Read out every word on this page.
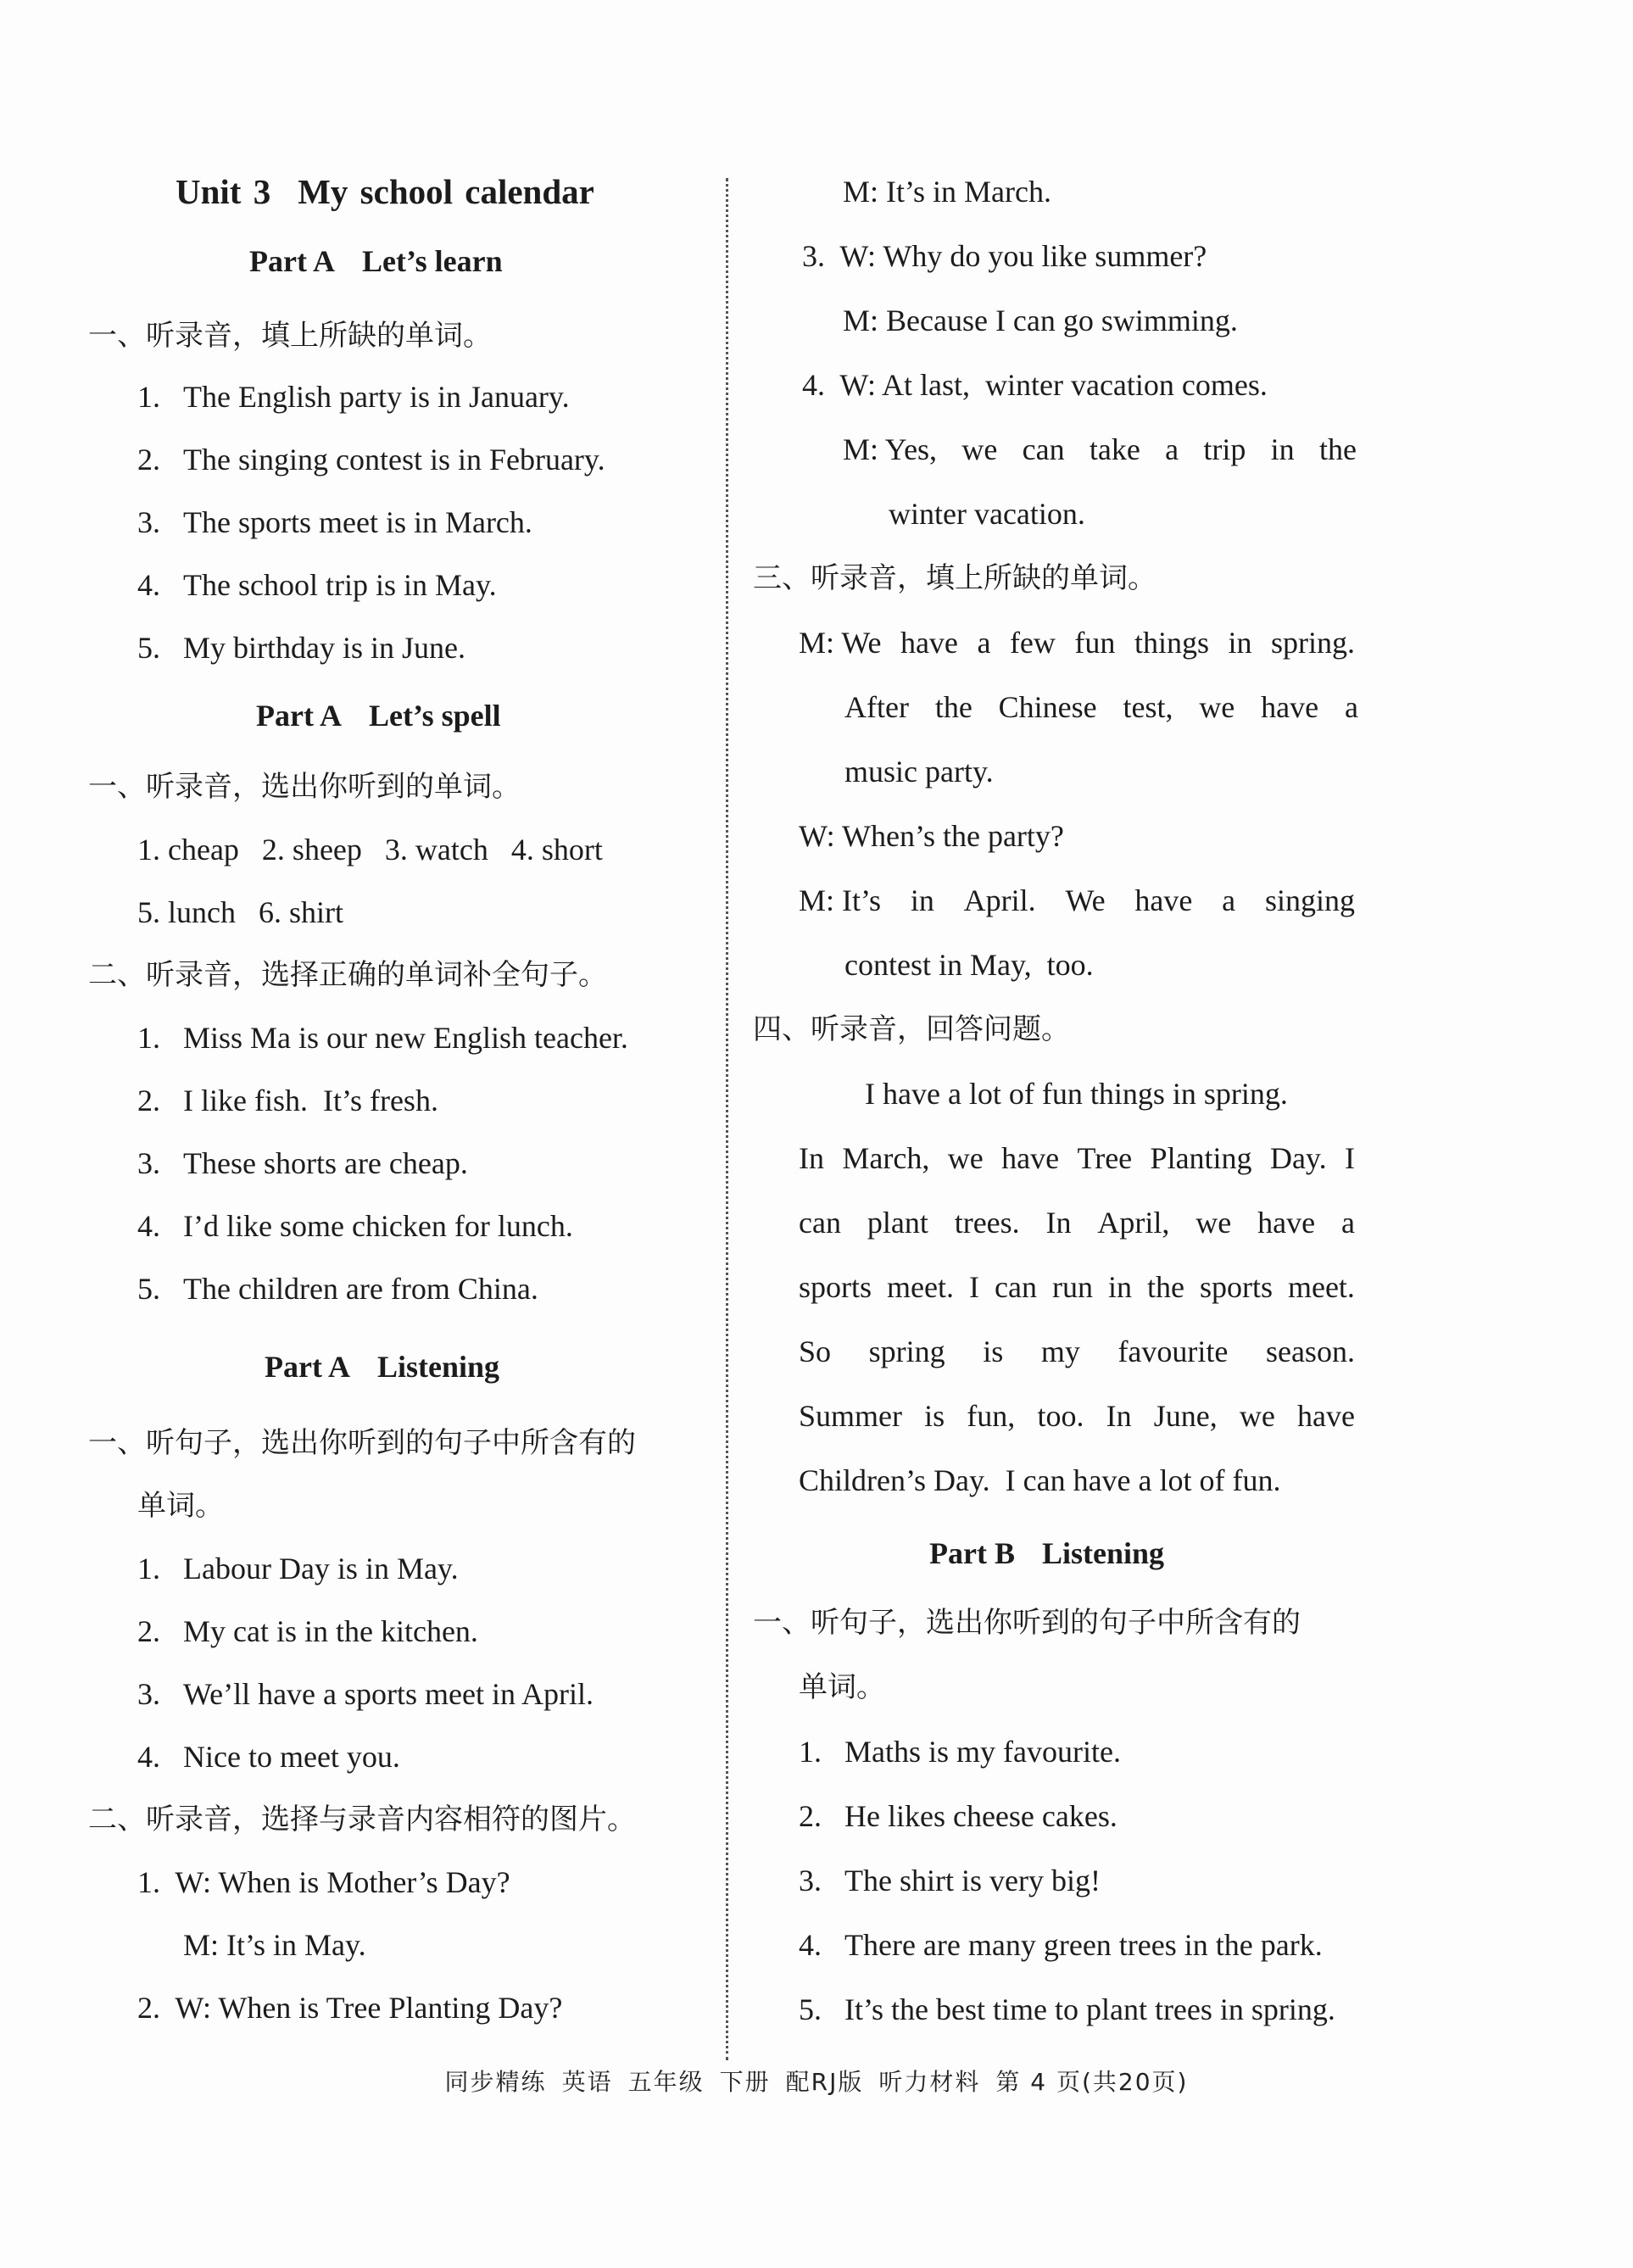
Unit 3 My school calendar
Part A Let’s learn
一、听录音，填上所缺的单词。
1. The English party is in January.
2. The singing contest is in February.
3. The sports meet is in March.
4. The school trip is in May.
5. My birthday is in June.
Part A Let’s spell
一、听录音，选出你听到的单词。
1. cheap   2. sheep   3. watch   4. short
5. lunch   6. shirt
二、听录音，选择正确的单词补全句子。
1. Miss Ma is our new English teacher.
2. I like fish.  It’s fresh.
3. These shorts are cheap.
4. I’d like some chicken for lunch.
5. The children are from China.
Part A Listening
一、听句子，选出你听到的句子中所含有的
单词。
1. Labour Day is in May.
2. My cat is in the kitchen.
3. We’ll have a sports meet in April.
4. Nice to meet you.
二、听录音，选择与录音内容相符的图片。
1.  W: When is Mother’s Day?
M: It’s in May.
2.  W: When is Tree Planting Day?
M: It’s in March.
3.  W: Why do you like summer?
M: Because I can go swimming.
4.  W: At last,  winter vacation comes.
M: Yes, we can take a trip in the
winter vacation.
三、听录音，填上所缺的单词。
M: We have a few fun things in spring.
After the Chinese test, we have a
music party.
W: When’s the party?
M: It’s in April. We have a singing
contest in May,  too.
四、听录音，回答问题。
I have a lot of fun things in spring.
In March, we have Tree Planting Day. I
can plant trees. In April, we have a
sports meet. I can run in the sports meet.
So spring is my favourite season.
Summer is fun, too. In June, we have
Children’s Day.  I can have a lot of fun.
Part B Listening
一、听句子，选出你听到的句子中所含有的
单词。
1. Maths is my favourite.
2. He likes cheese cakes.
3. The shirt is very big!
4. There are many green trees in the park.
5. It’s the best time to plant trees in spring.
同步精练 英语 五年级 下册 配RJ版 听力材料 第 4 页(共20页)
